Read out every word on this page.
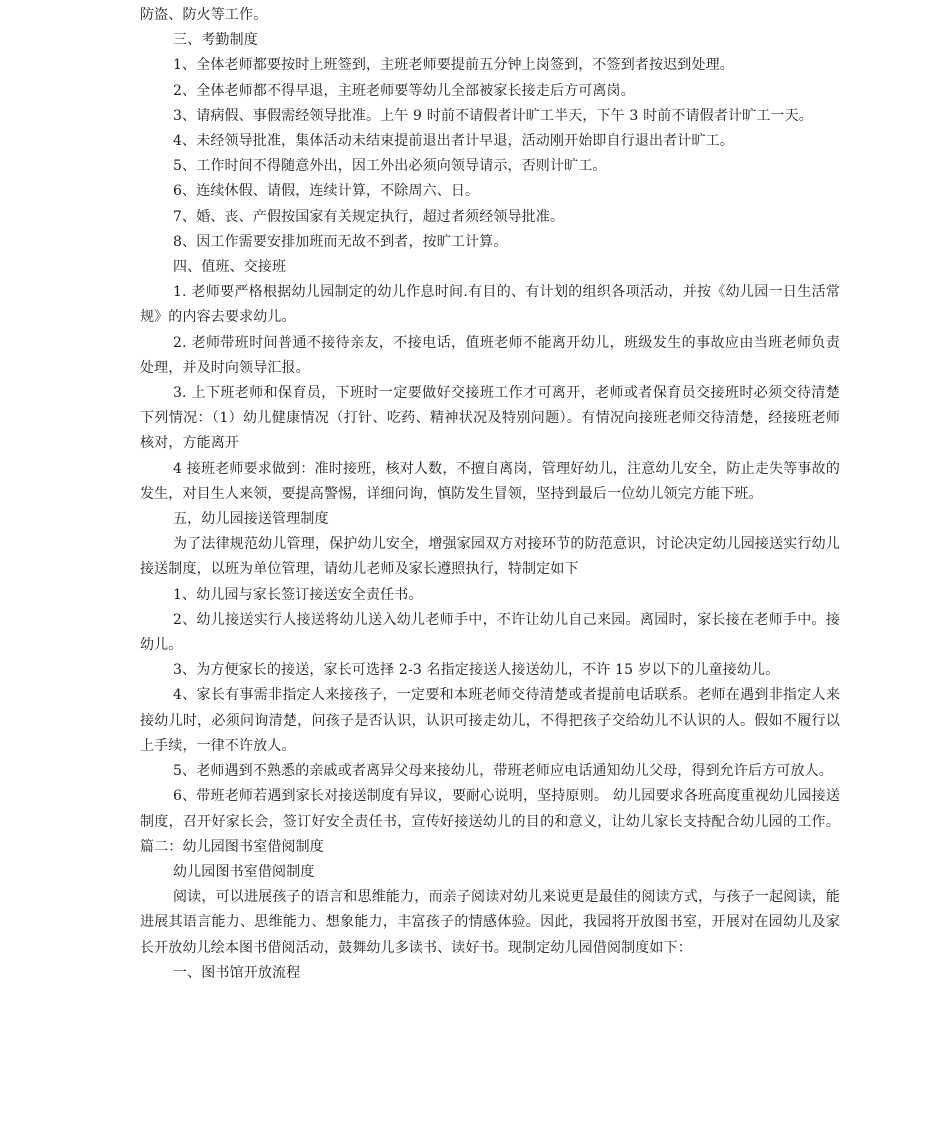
防盗、防火等工作。

三、考勤制度

1、全体老师都要按时上班签到，主班老师要提前五分钟上岗签到，不签到者按迟到处理。

2、全体老师都不得早退，主班老师要等幼儿全部被家长接走后方可离岗。

3、请病假、事假需经领导批准。上午 9 时前不请假者计旷工半天，下午 3 时前不请假者计旷工一天。

4、未经领导批准，集体活动未结束提前退出者计早退，活动刚开始即自行退出者计旷工。

5、工作时间不得随意外出，因工外出必须向领导请示，否则计旷工。

6、连续休假、请假，连续计算，不除周六、日。

7、婚、丧、产假按国家有关规定执行，超过者须经领导批准。

8、因工作需要安排加班而无故不到者，按旷工计算。

四、值班、交接班

1. 老师要严格根据幼儿园制定的幼儿作息时间.有目的、有计划的组织各项活动，并按《幼儿园一日生活常规》的内容去要求幼儿。

2. 老师带班时间普通不接待亲友，不接电话，值班老师不能离开幼儿，班级发生的事故应由当班老师负责处理，并及时向领导汇报。

3. 上下班老师和保育员，下班时一定要做好交接班工作才可离开，老师或者保育员交接班时必须交待清楚下列情况：（1）幼儿健康情况（打针、吃药、精神状况及特别问题）。有情况向接班老师交待清楚，经接班老师核对，方能离开

4 接班老师要求做到：准时接班，核对人数，不擅自离岗，管理好幼儿，注意幼儿安全，防止走失等事故的发生，对目生人来领，要提高警惕，详细问询，慎防发生冒领，坚持到最后一位幼儿领完方能下班。

五，幼儿园接送管理制度

为了法律规范幼儿管理，保护幼儿安全，增强家园双方对接环节的防范意识，讨论决定幼儿园接送实行幼儿接送制度，以班为单位管理，请幼儿老师及家长遵照执行，特制定如下

1、幼儿园与家长签订接送安全责任书。

2、幼儿接送实行人接送将幼儿送入幼儿老师手中，不许让幼儿自己来园。离园时，家长接在老师手中。接幼儿。

3、为方便家长的接送，家长可选择 2-3 名指定接送人接送幼儿，不许 15 岁以下的儿童接幼儿。

4、家长有事需非指定人来接孩子，一定要和本班老师交待清楚或者提前电话联系。老师在遇到非指定人来接幼儿时，必须问询清楚，问孩子是否认识，认识可接走幼儿，不得把孩子交给幼儿不认识的人。假如不履行以上手续，一律不许放人。

5、老师遇到不熟悉的亲戚或者离异父母来接幼儿，带班老师应电话通知幼儿父母，得到允许后方可放人。

6、带班老师若遇到家长对接送制度有异议，要耐心说明，坚持原则。 幼儿园要求各班高度重视幼儿园接送制度，召开好家长会，签订好安全责任书，宣传好接送幼儿的目的和意义，让幼儿家长支持配合幼儿园的工作。篇二：幼儿园图书室借阅制度

幼儿园图书室借阅制度

阅读，可以进展孩子的语言和思维能力，而亲子阅读对幼儿来说更是最佳的阅读方式，与孩子一起阅读，能进展其语言能力、思维能力、想象能力，丰富孩子的情感体验。因此，我园将开放图书室，开展对在园幼儿及家长开放幼儿绘本图书借阅活动，鼓舞幼儿多读书、读好书。现制定幼儿园借阅制度如下：

一、图书馆开放流程
